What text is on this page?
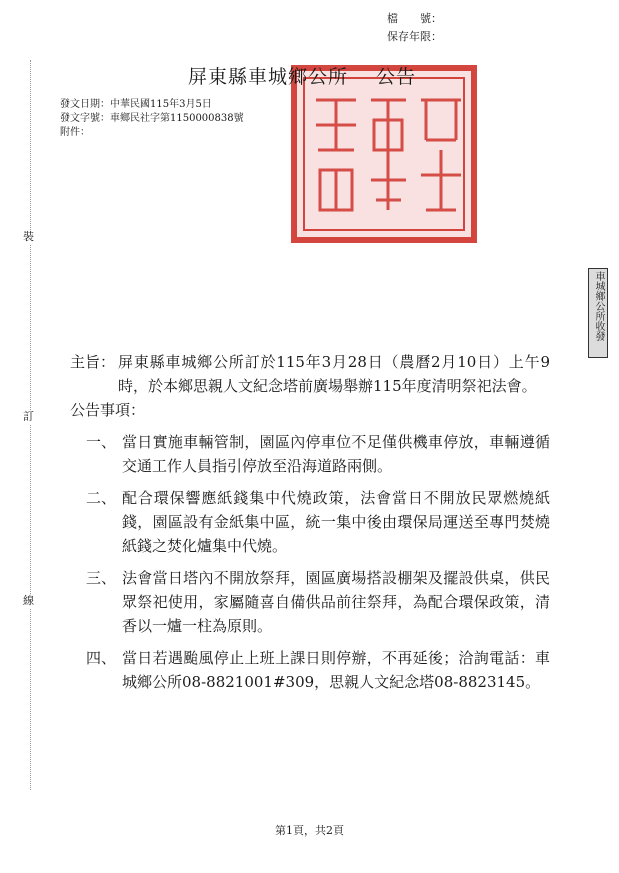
檔　　號：
保存年限：
裝
訂
線
屏東縣車城鄉公所印
屏東縣車城鄉公所 公告
發文日期：中華民國115年3月5日
發文字號：車鄉民社字第1150000838號
附件：
車城鄉公所收發
主旨： 屏東縣車城鄉公所訂於115年3月28日（農曆2月10日）上午9時，於本鄉思親人文紀念塔前廣場舉辦115年度清明祭祀法會。
公告事項：
一、 當日實施車輛管制，園區內停車位不足僅供機車停放，車輛遵循交通工作人員指引停放至沿海道路兩側。
二、 配合環保響應紙錢集中代燒政策，法會當日不開放民眾燃燒紙錢，園區設有金紙集中區，統一集中後由環保局運送至專門焚燒紙錢之焚化爐集中代燒。
三、 法會當日塔內不開放祭拜，園區廣場搭設棚架及擺設供桌，供民眾祭祀使用，家屬隨喜自備供品前往祭拜，為配合環保政策，清香以一爐一柱為原則。
四、 當日若遇颱風停止上班上課日則停辦，不再延後；洽詢電話：車城鄉公所08-8821001#309，思親人文紀念塔08-8823145。
第1頁，共2頁
